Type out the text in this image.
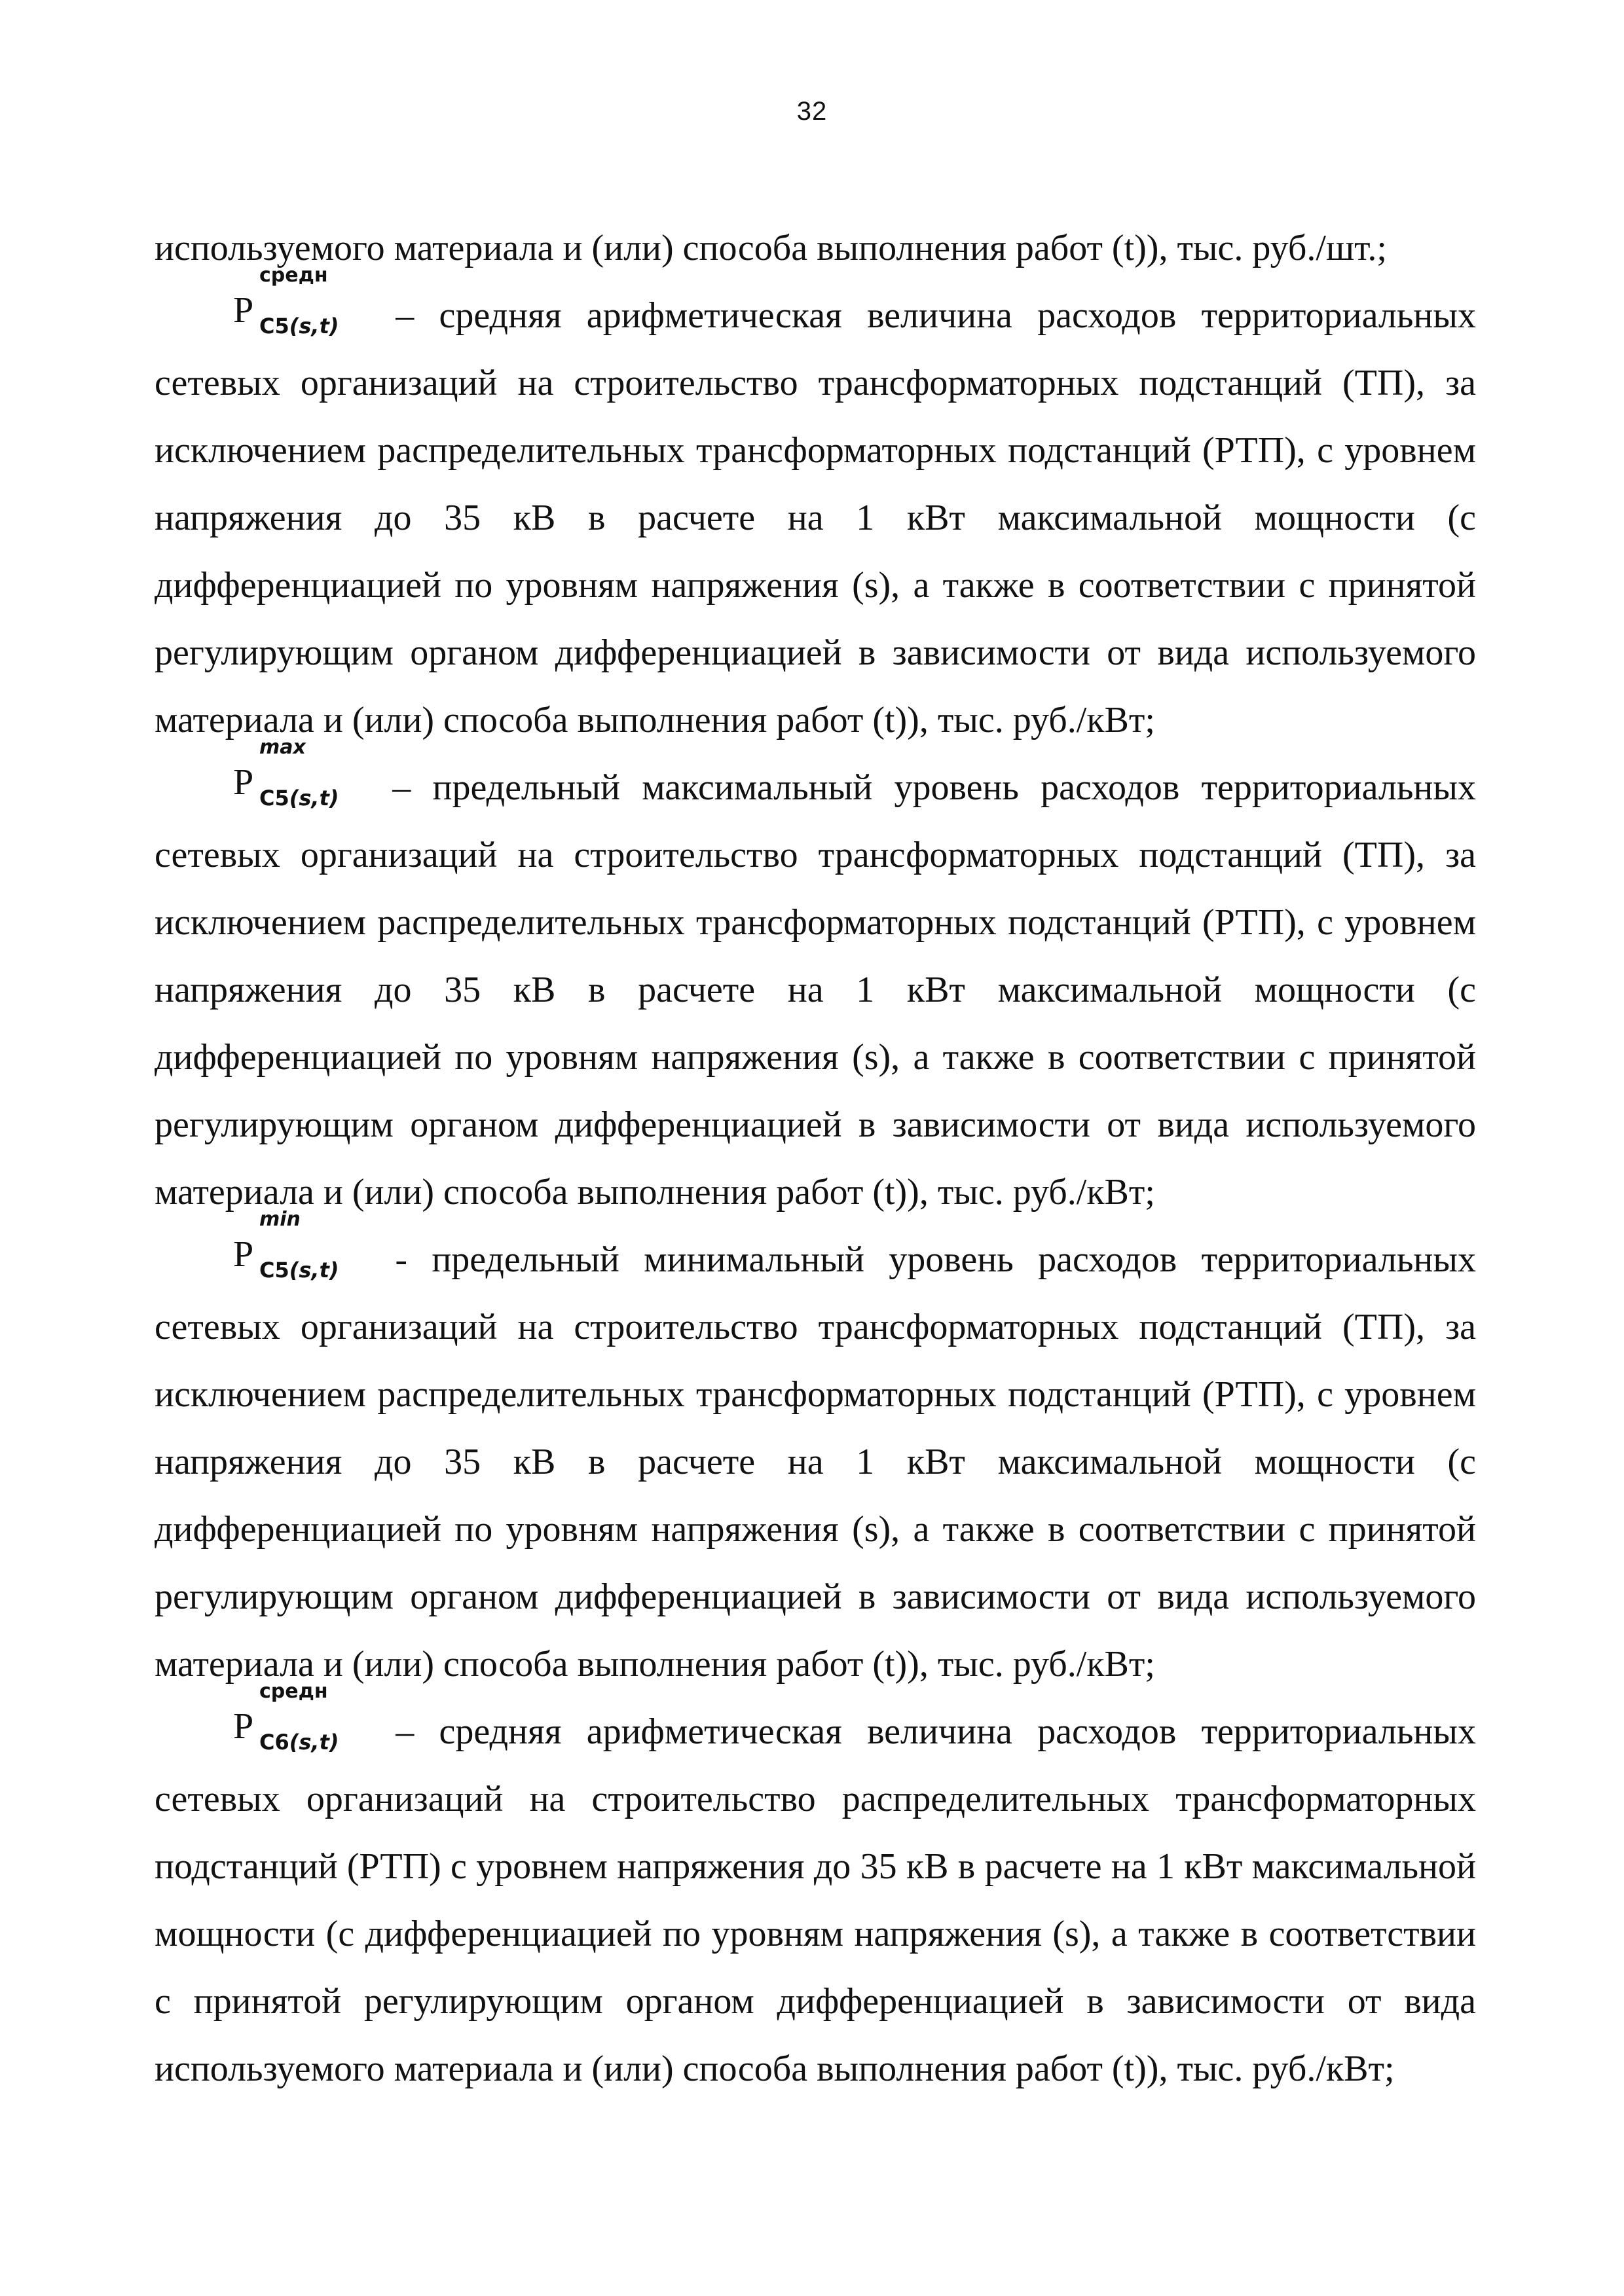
32

используемого материала и (или) способа выполнения работ (t)), тыс. руб./шт.;

P
средн
C5(s,t) – средняя арифметическая величина расходов территориальных сетевых организаций на строительство трансформаторных подстанций (ТП), за исключением распределительных трансформаторных подстанций (РТП), с уровнем напряжения до 35 кВ в расчете на 1 кВт максимальной мощности (с дифференциацией по уровням напряжения (s), а также в соответствии с принятой регулирующим органом дифференциацией в зависимости от вида используемого материала и (или) способа выполнения работ (t)), тыс. руб./кВт;

P
max
C5(s,t) – предельный максимальный уровень расходов территориальных сетевых организаций на строительство трансформаторных подстанций (ТП), за исключением распределительных трансформаторных подстанций (РТП), с уровнем напряжения до 35 кВ в расчете на 1 кВт максимальной мощности (с дифференциацией по уровням напряжения (s), а также в соответствии с принятой регулирующим органом дифференциацией в зависимости от вида используемого материала и (или) способа выполнения работ (t)), тыс. руб./кВт;

P
min
C5(s,t) - предельный минимальный уровень расходов территориальных сетевых организаций на строительство трансформаторных подстанций (ТП), за исключением распределительных трансформаторных подстанций (РТП), с уровнем напряжения до 35 кВ в расчете на 1 кВт максимальной мощности (с дифференциацией по уровням напряжения (s), а также в соответствии с принятой регулирующим органом дифференциацией в зависимости от вида используемого материала и (или) способа выполнения работ (t)), тыс. руб./кВт;

P
средн
C6(s,t) – средняя арифметическая величина расходов территориальных сетевых организаций на строительство распределительных трансформаторных подстанций (РТП) с уровнем напряжения до 35 кВ в расчете на 1 кВт максимальной мощности (с дифференциацией по уровням напряжения (s), а также в соответствии с принятой регулирующим органом дифференциацией в зависимости от вида используемого материала и (или) способа выполнения работ (t)), тыс. руб./кВт;
